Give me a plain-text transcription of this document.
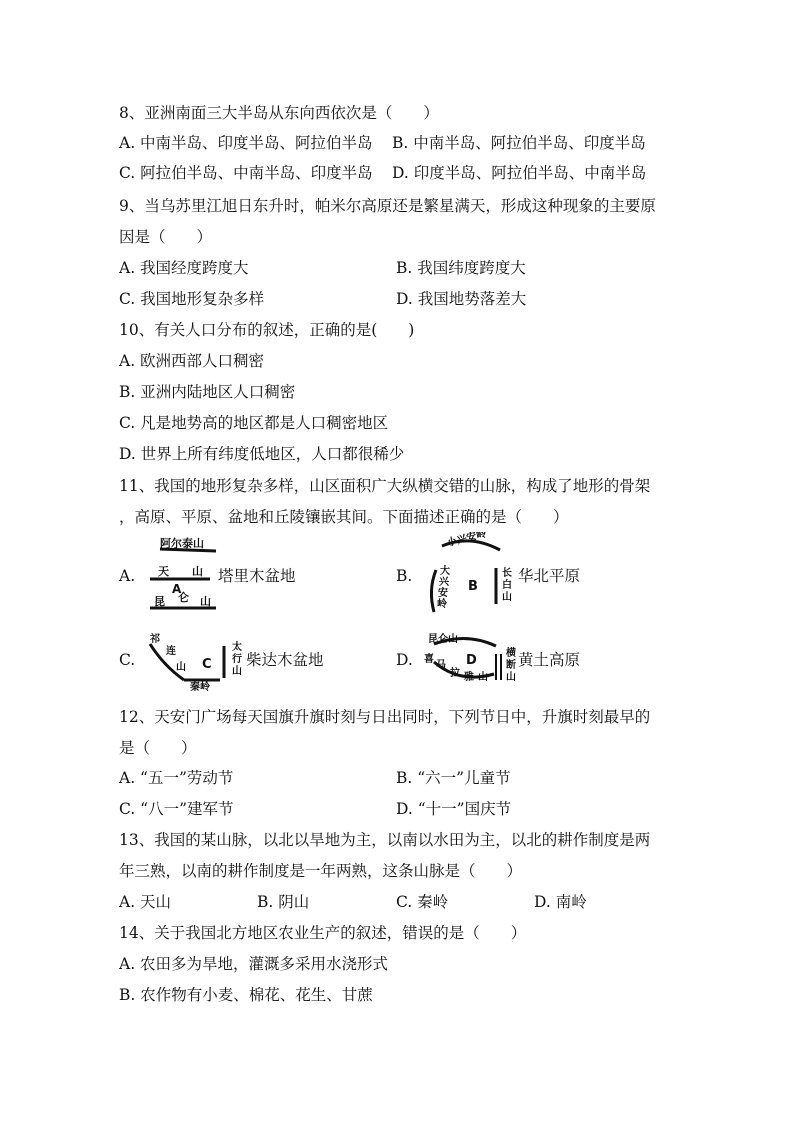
8、亚洲南面三大半岛从东向西依次是（　　）
A. 中南半岛、印度半岛、阿拉伯半岛 B. 中南半岛、阿拉伯半岛、印度半岛
C. 阿拉伯半岛、中南半岛、印度半岛 D. 印度半岛、阿拉伯半岛、中南半岛
9、当乌苏里江旭日东升时，帕米尔高原还是繁星满天，形成这种现象的主要原
因是（　　）
A. 我国经度跨度大	B. 我国纬度跨度大
C. 我国地形复杂多样	D. 我国地势落差大
10、有关人口分布的叙述，正确的是(　　)
A. 欧洲西部人口稠密
B. 亚洲内陆地区人口稠密
C. 凡是地势高的地区都是人口稠密地区
D. 世界上所有纬度低地区，人口都很稀少
11、我国的地形复杂多样，山区面积广大纵横交错的山脉，构成了地形的骨架
，高原、平原、盆地和丘陵镶嵌其间。下面描述正确的是（　　）
A.
阿尔泰山
天 山
A
昆 仑 山
塔里木盆地	B.
小兴安岭
大
兴
安
岭
B
长
白
山
华北平原
C.
祁
连
山 C
太
行
山
秦岭
柴达木盆地
昆仑山
D
喜
马
拉 雅 山
横
断
山
D.	黄土高原
12、天安门广场每天国旗升旗时刻与日出同时，下列节日中，升旗时刻最早的
是（　　）
A. “五一”劳动节	B. “六一”儿童节
C. “八一”建军节	D. “十一”国庆节
13、我国的某山脉，以北以旱地为主，以南以水田为主，以北的耕作制度是两
年三熟，以南的耕作制度是一年两熟，这条山脉是（　　）
A. 天山	B. 阴山	C. 秦岭	D. 南岭
14、关于我国北方地区农业生产的叙述，错误的是（　　）
A. 农田多为旱地，灌溉多采用水浇形式
B. 农作物有小麦、棉花、花生、甘蔗
